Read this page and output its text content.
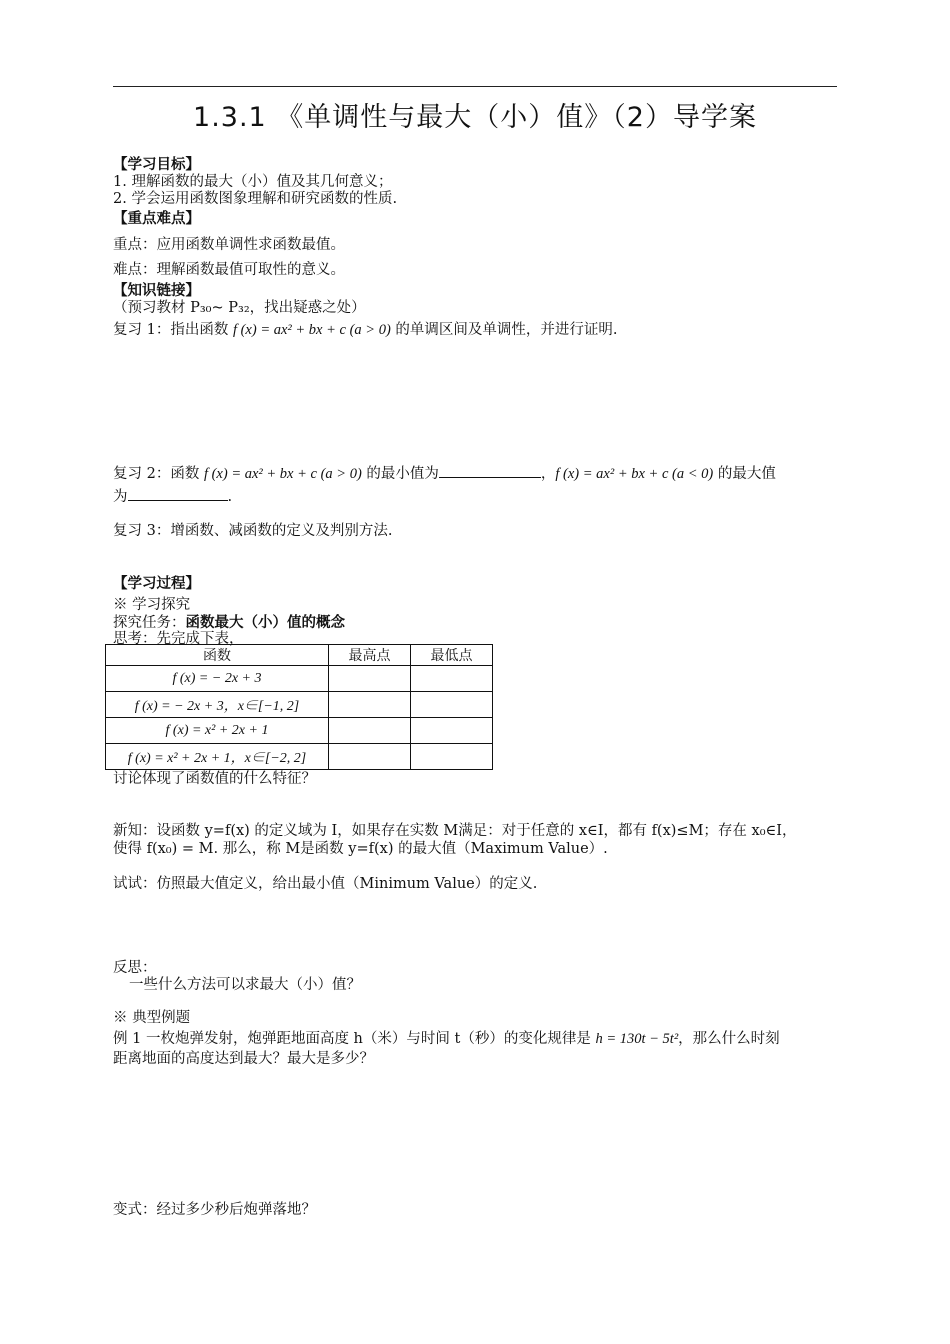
1.3.1 《单调性与最大（小）值》（2）导学案
【学习目标】
1. 理解函数的最大（小）值及其几何意义；
2. 学会运用函数图象理解和研究函数的性质.
【重点难点】
重点：应用函数单调性求函数最值。
难点：理解函数最值可取性的意义。
【知识链接】
（预习教材 P₃₀~ P₃₂，找出疑惑之处）
复习 1：指出函数 f (x) = ax² + bx + c (a > 0) 的单调区间及单调性，并进行证明.
复习 2：函数 f (x) = ax² + bx + c (a > 0) 的最小值为	，f (x) = ax² + bx + c (a < 0) 的最大值
为	.
复习 3：增函数、减函数的定义及判别方法.
【学习过程】
※ 学习探究
探究任务：函数最大（小）值的概念
思考：先完成下表，
函数	最高点	最低点
f (x) = − 2x + 3		
f (x) = − 2x + 3，x∈[−1, 2]		
f (x) = x² + 2x + 1		
f (x) = x² + 2x + 1，x∈[−2, 2]		
讨论体现了函数值的什么特征？
新知：设函数 y=f(x) 的定义域为 I，如果存在实数 M满足：对于任意的 x∈I，都有 f(x)≤M；存在 x₀∈I，
使得 f(x₀) = M. 那么，称 M是函数 y=f(x) 的最大值（Maximum Value）.
试试：仿照最大值定义，给出最小值（Minimum Value）的定义.
反思：
一些什么方法可以求最大（小）值？
※ 典型例题
例 1 一枚炮弹发射，炮弹距地面高度 h（米）与时间 t（秒）的变化规律是 h = 130t − 5t²，那么什么时刻
距离地面的高度达到最大？最大是多少？
变式：经过多少秒后炮弹落地？
